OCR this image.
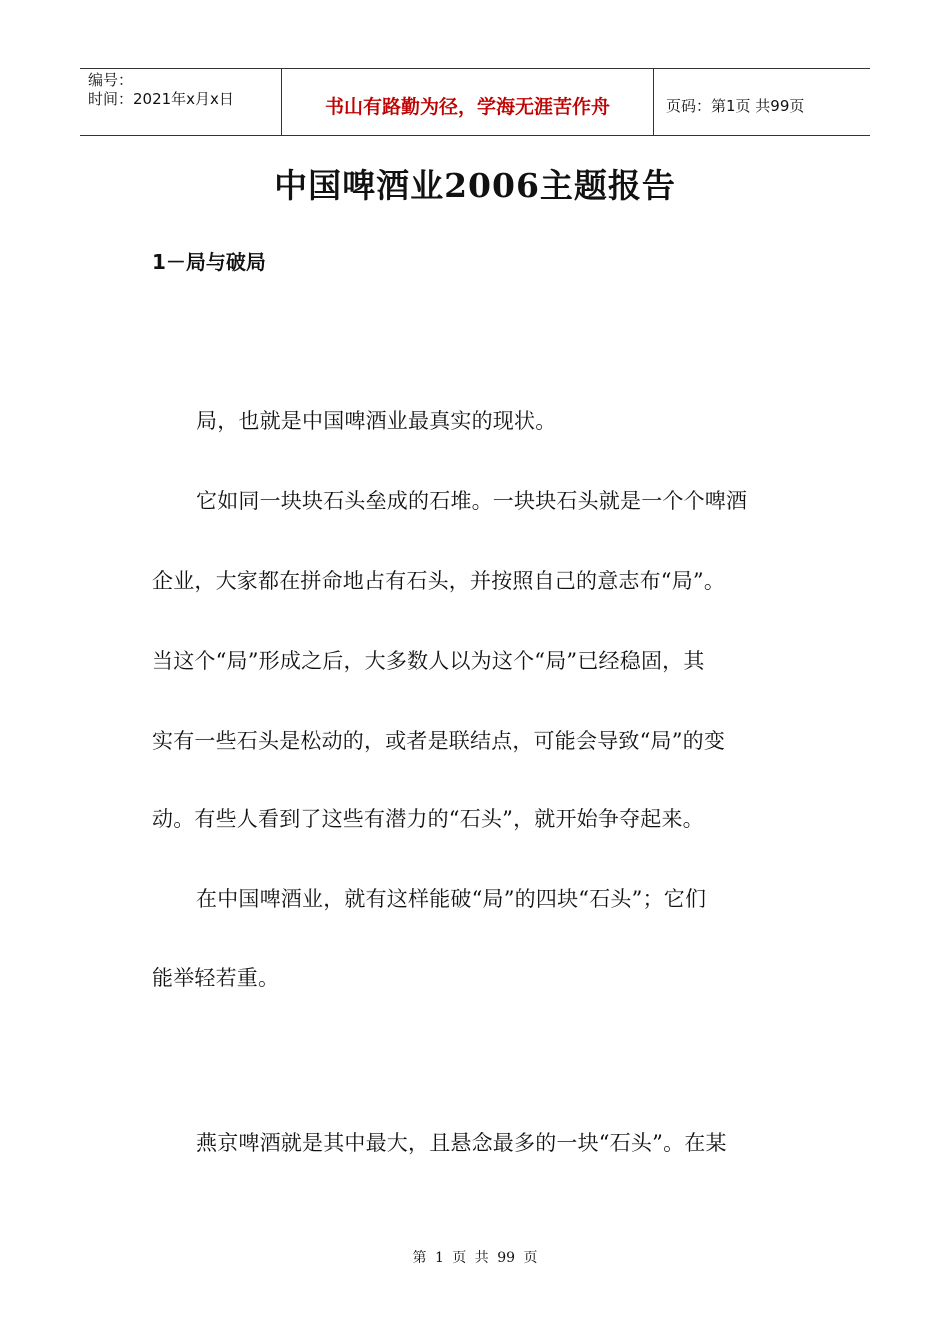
编号：
时间：2021年x月x日	书山有路勤为径，学海无涯苦作舟	页码：第1页 共99页
中国啤酒业2006主题报告
1－局与破局
局，也就是中国啤酒业最真实的现状。
它如同一块块石头垒成的石堆。一块块石头就是一个个啤酒
企业，大家都在拼命地占有石头，并按照自己的意志布“局”。
当这个“局”形成之后，大多数人以为这个“局”已经稳固，其
实有一些石头是松动的，或者是联结点，可能会导致“局”的变
动。有些人看到了这些有潜力的“石头”，就开始争夺起来。
在中国啤酒业，就有这样能破“局”的四块“石头”；它们
能举轻若重。
燕京啤酒就是其中最大，且悬念最多的一块“石头”。在某
第 1 页 共 99 页
